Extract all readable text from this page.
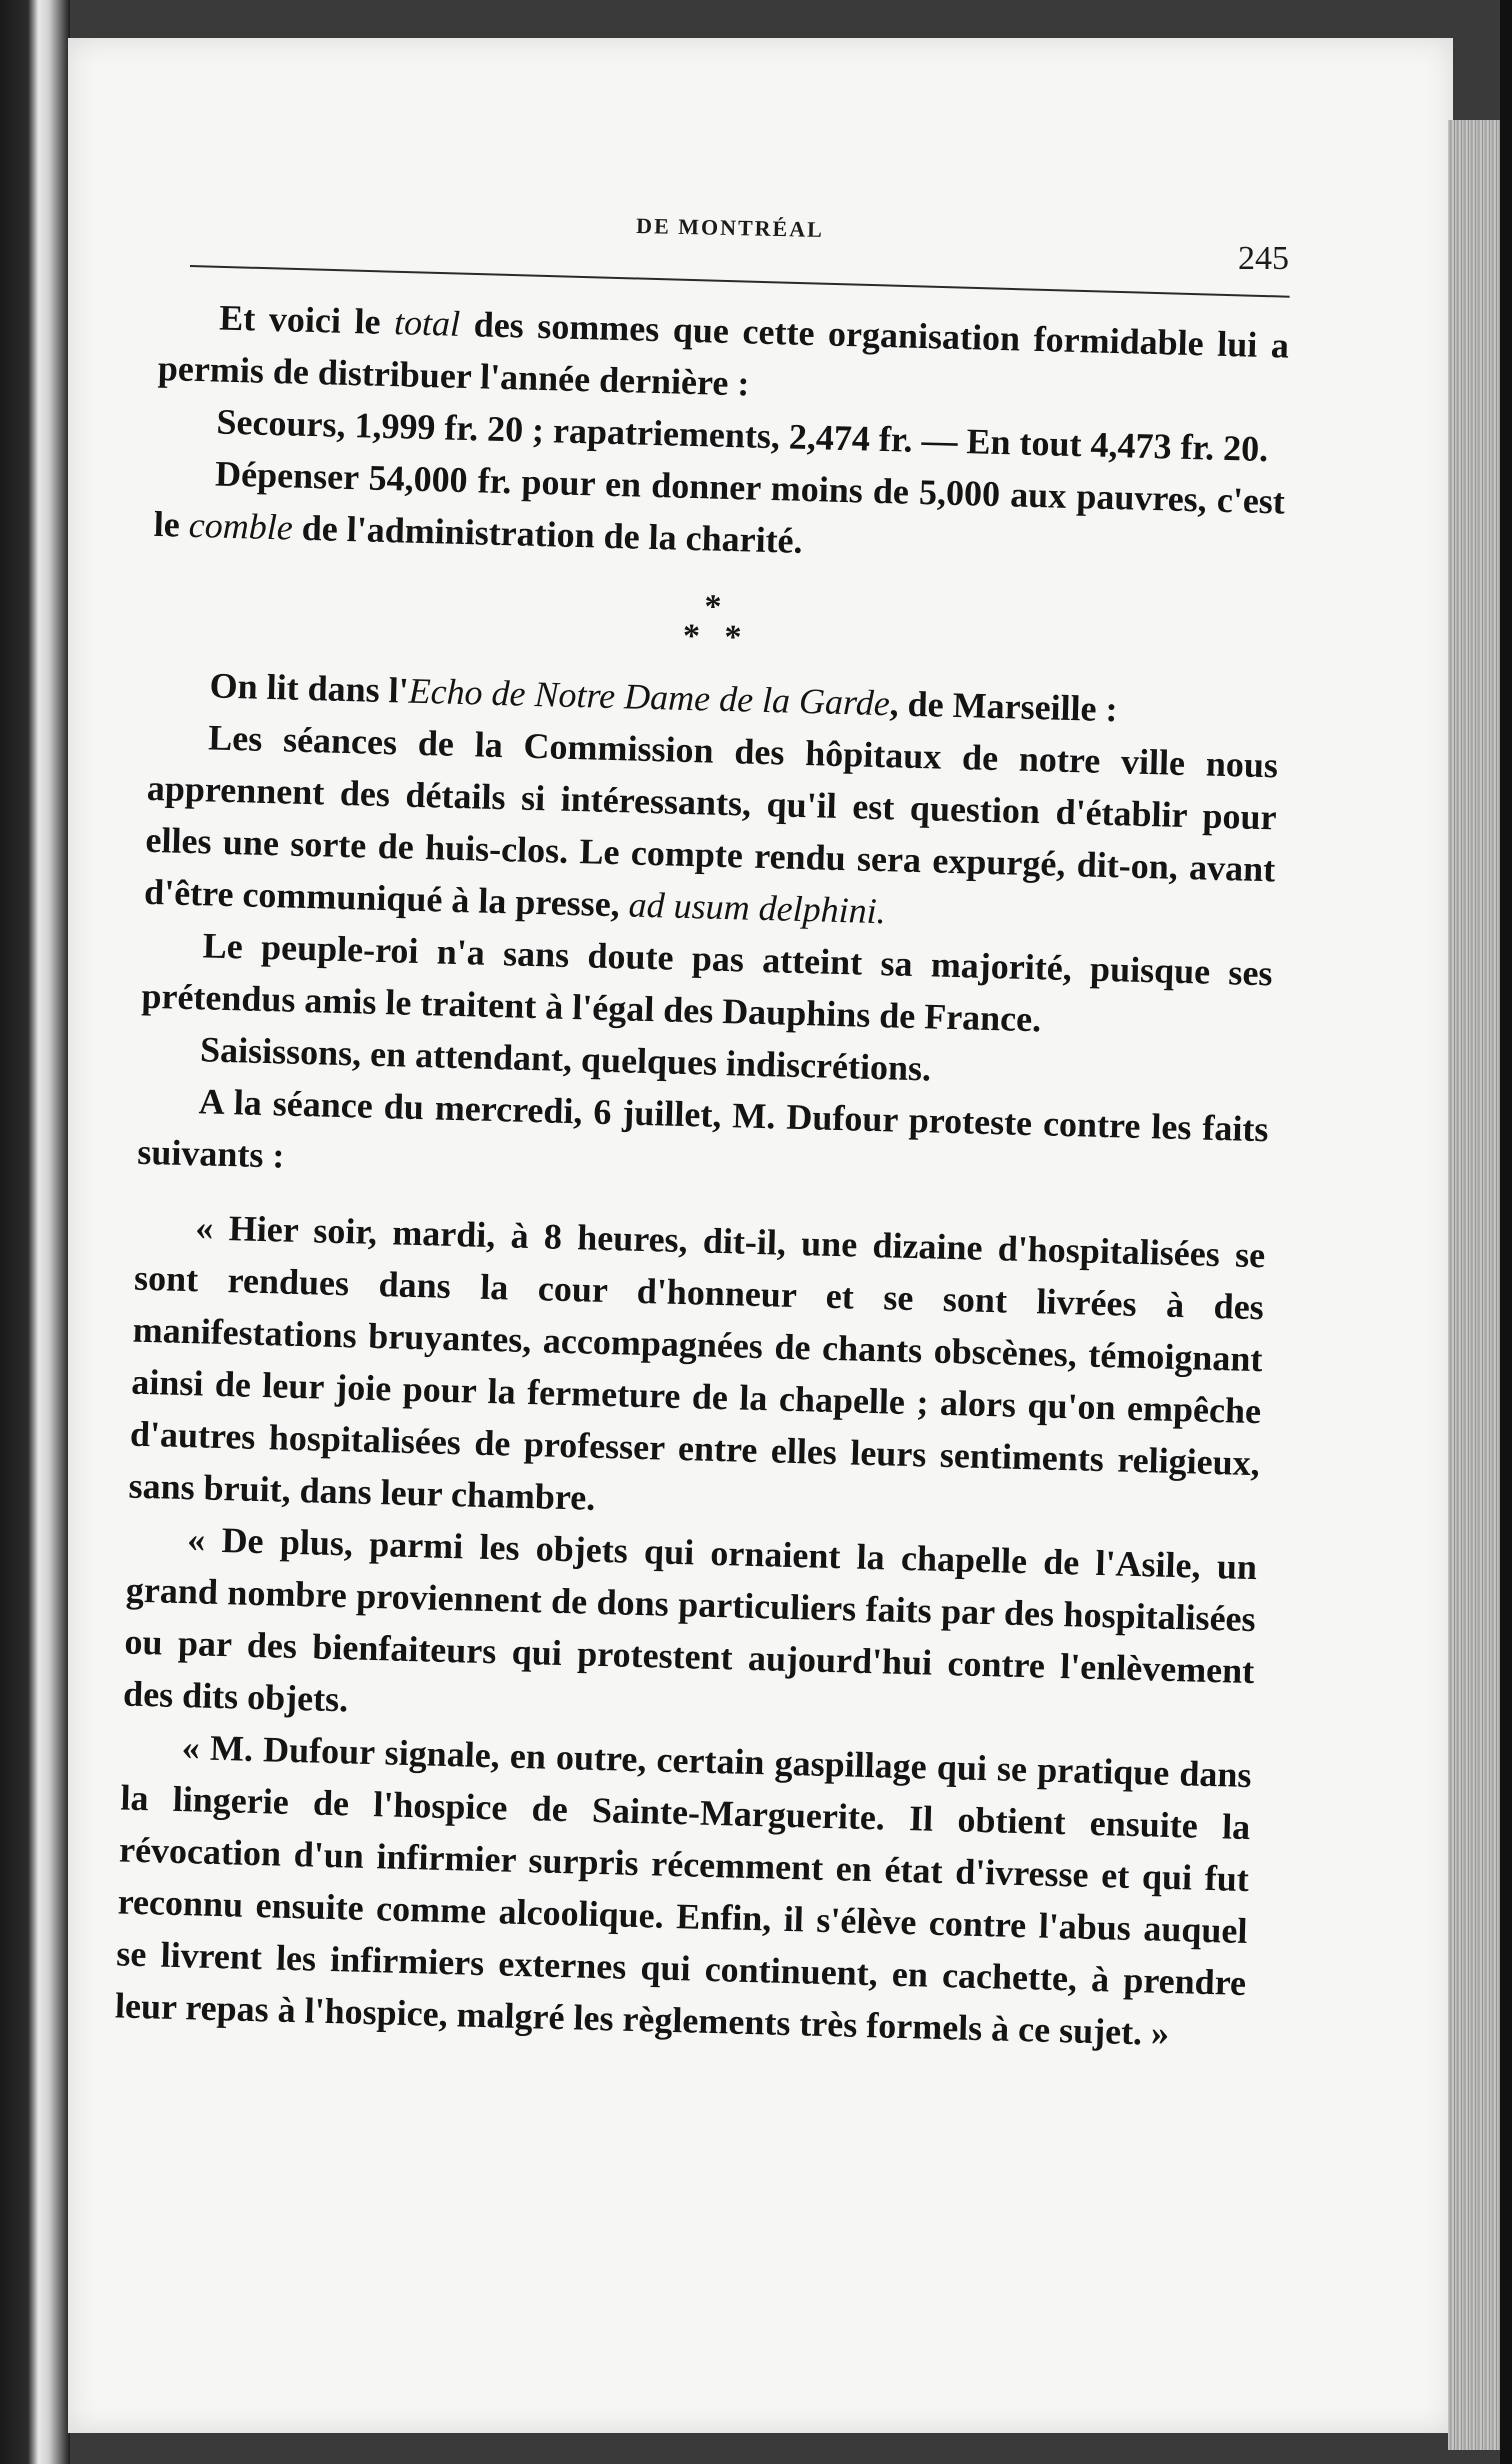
DE MONTRÉAL
245

Et voici le total des sommes que cette organisation formidable lui a permis de distribuer l'année dernière :

Secours, 1,999 fr. 20 ; rapatriements, 2,474 fr. — En tout 4,473 fr. 20.

Dépenser 54,000 fr. pour en donner moins de 5,000 aux pauvres, c'est le comble de l'administration de la charité.

*
* *

On lit dans l'Echo de Notre Dame de la Garde, de Marseille :

Les séances de la Commission des hôpitaux de notre ville nous apprennent des détails si intéressants, qu'il est question d'établir pour elles une sorte de huis-clos. Le compte rendu sera expurgé, dit-on, avant d'être communiqué à la presse, ad usum delphini.

Le peuple-roi n'a sans doute pas atteint sa majorité, puisque ses prétendus amis le traitent à l'égal des Dauphins de France.

Saisissons, en attendant, quelques indiscrétions.

A la séance du mercredi, 6 juillet, M. Dufour proteste contre les faits suivants :

« Hier soir, mardi, à 8 heures, dit-il, une dizaine d'hospitalisées se sont rendues dans la cour d'honneur et se sont livrées à des manifestations bruyantes, accompagnées de chants obscènes, témoignant ainsi de leur joie pour la fermeture de la chapelle ; alors qu'on empêche d'autres hospitalisées de professer entre elles leurs sentiments religieux, sans bruit, dans leur chambre.

« De plus, parmi les objets qui ornaient la chapelle de l'Asile, un grand nombre proviennent de dons particuliers faits par des hospitalisées ou par des bienfaiteurs qui protestent aujourd'hui contre l'enlèvement des dits objets.

« M. Dufour signale, en outre, certain gaspillage qui se pratique dans la lingerie de l'hospice de Sainte-Marguerite. Il obtient ensuite la révocation d'un infirmier surpris récemment en état d'ivresse et qui fut reconnu ensuite comme alcoolique. Enfin, il s'élève contre l'abus auquel se livrent les infirmiers externes qui continuent, en cachette, à prendre leur repas à l'hospice, malgré les règlements très formels à ce sujet. »
